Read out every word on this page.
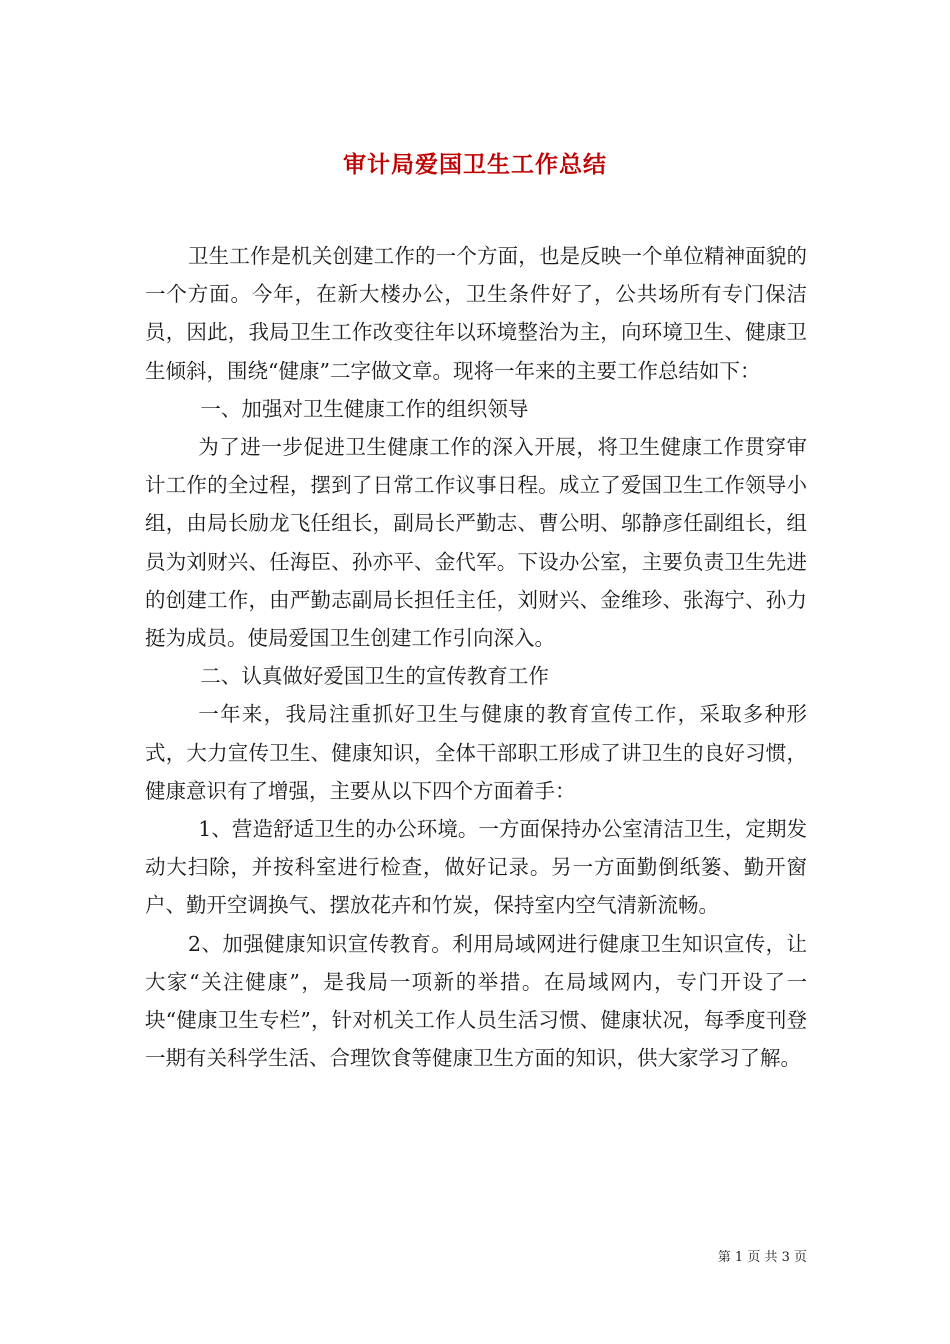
审计局爱国卫生工作总结

卫生工作是机关创建工作的一个方面，也是反映一个单位精神面貌的一个方面。今年，在新大楼办公，卫生条件好了，公共场所有专门保洁员，因此，我局卫生工作改变往年以环境整治为主，向环境卫生、健康卫生倾斜，围绕“健康”二字做文章。现将一年来的主要工作总结如下：

一、加强对卫生健康工作的组织领导

为了进一步促进卫生健康工作的深入开展，将卫生健康工作贯穿审计工作的全过程，摆到了日常工作议事日程。成立了爱国卫生工作领导小组，由局长励龙飞任组长，副局长严勤志、曹公明、邬静彦任副组长，组员为刘财兴、任海臣、孙亦平、金代军。下设办公室，主要负责卫生先进的创建工作，由严勤志副局长担任主任，刘财兴、金维珍、张海宁、孙力挺为成员。使局爱国卫生创建工作引向深入。

二、认真做好爱国卫生的宣传教育工作

一年来，我局注重抓好卫生与健康的教育宣传工作，采取多种形式，大力宣传卫生、健康知识，全体干部职工形成了讲卫生的良好习惯，健康意识有了增强，主要从以下四个方面着手：

1、营造舒适卫生的办公环境。一方面保持办公室清洁卫生，定期发动大扫除，并按科室进行检查，做好记录。另一方面勤倒纸篓、勤开窗户、勤开空调换气、摆放花卉和竹炭，保持室内空气清新流畅。

2、加强健康知识宣传教育。利用局域网进行健康卫生知识宣传，让大家“关注健康”，是我局一项新的举措。在局域网内，专门开设了一块“健康卫生专栏”，针对机关工作人员生活习惯、健康状况，每季度刊登一期有关科学生活、合理饮食等健康卫生方面的知识，供大家学习了解。

第 1 页 共 3 页
